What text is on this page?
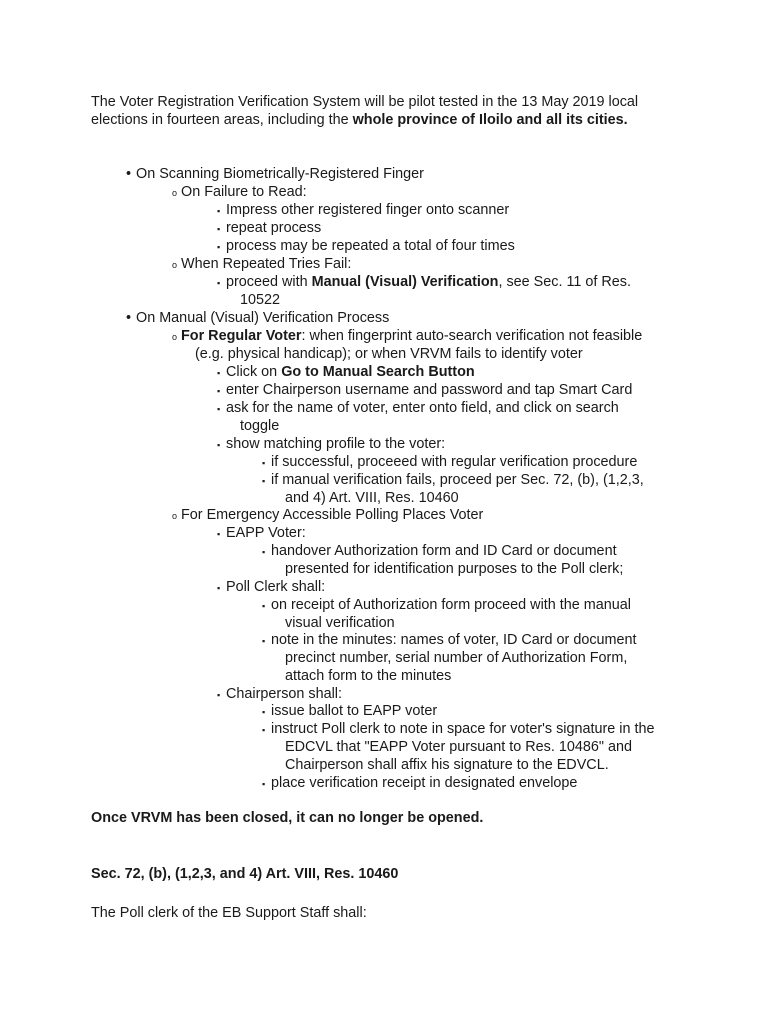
The Voter Registration Verification System will be pilot tested in the 13 May 2019 local
elections in fourteen areas, including the whole province of Iloilo and all its cities.
• On Scanning Biometrically-Registered Finger
o On Failure to Read:
▪ Impress other registered finger onto scanner
▪ repeat process
▪ process may be repeated a total of four times
o When Repeated Tries Fail:
▪ proceed with Manual (Visual) Verification, see Sec. 11 of Res.
10522
• On Manual (Visual) Verification Process
o For Regular Voter: when fingerprint auto-search verification not feasible
(e.g. physical handicap); or when VRVM fails to identify voter
▪ Click on Go to Manual Search Button
▪ enter Chairperson username and password and tap Smart Card
▪ ask for the name of voter, enter onto field, and click on search
toggle
▪ show matching profile to the voter:
▪ if successful, proceeed with regular verification procedure
▪ if manual verification fails, proceed per Sec. 72, (b), (1,2,3,
and 4) Art. VIII, Res. 10460
o For Emergency Accessible Polling Places Voter
▪ EAPP Voter:
▪ handover Authorization form and ID Card or document
presented for identification purposes to the Poll clerk;
▪ Poll Clerk shall:
▪ on receipt of Authorization form proceed with the manual
visual verification
▪ note in the minutes: names of voter, ID Card or document
precinct number, serial number of Authorization Form,
attach form to the minutes
▪ Chairperson shall:
▪ issue ballot to EAPP voter
▪ instruct Poll clerk to note in space for voter's signature in the
EDCVL that "EAPP Voter pursuant to Res. 10486" and
Chairperson shall affix his signature to the EDVCL.
▪ place verification receipt in designated envelope
Once VRVM has been closed, it can no longer be opened.
Sec. 72, (b), (1,2,3, and 4) Art. VIII, Res. 10460
The Poll clerk of the EB Support Staff shall:
